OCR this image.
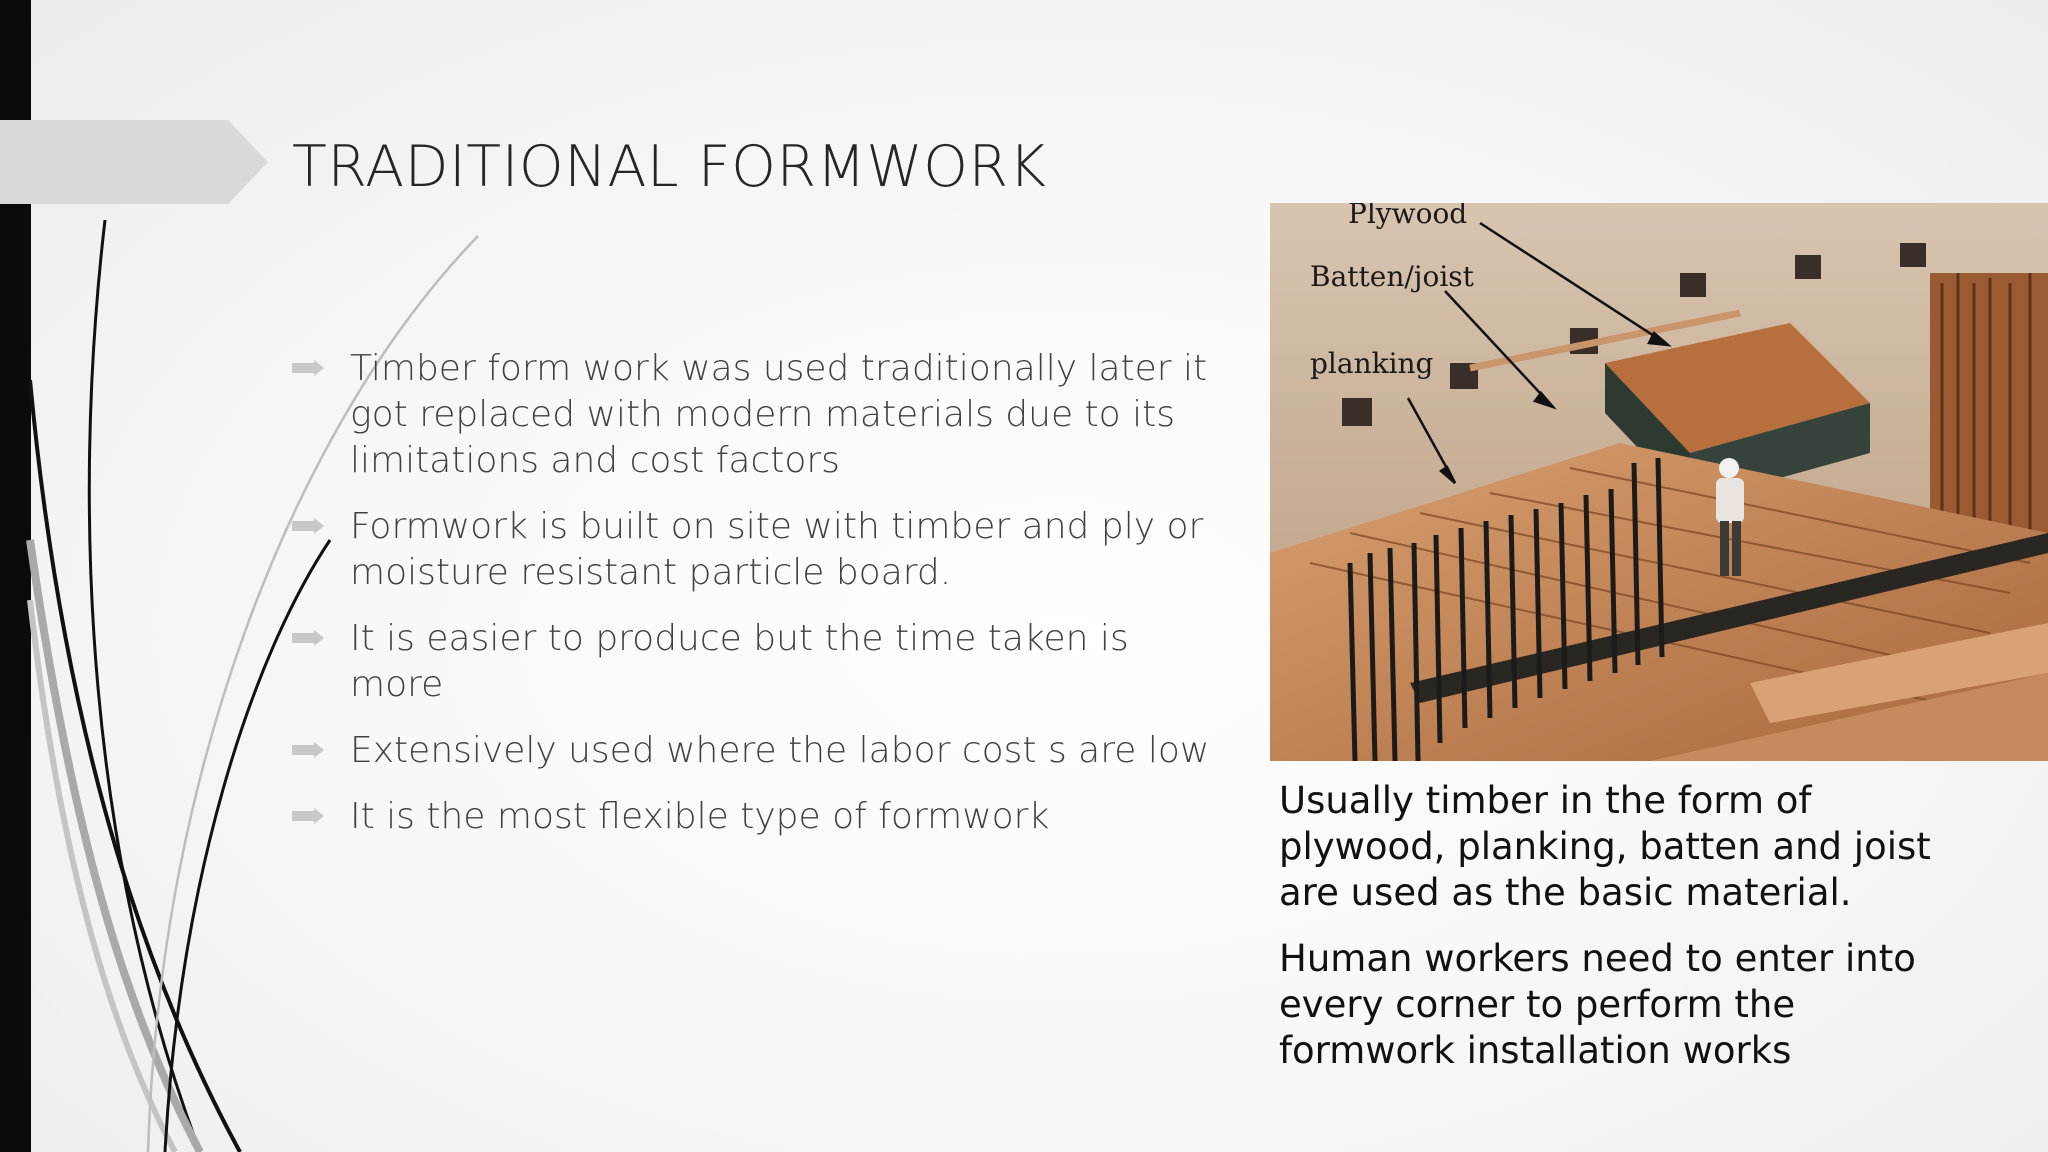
TRADITIONAL FORMWORK
Timber form work was used traditionally later it got replaced with modern materials due to its limitations and cost factors
Formwork is built on site with timber and ply or moisture resistant particle board.
It is easier to produce but the time taken is more
Extensively used where the labor cost s are low
It is the most flexible type of formwork
Plywood
Batten/joist
planking

Usually timber in the form of plywood, planking, batten and joist are used as the basic material.

Human workers need to enter into every corner to perform the formwork installation works
